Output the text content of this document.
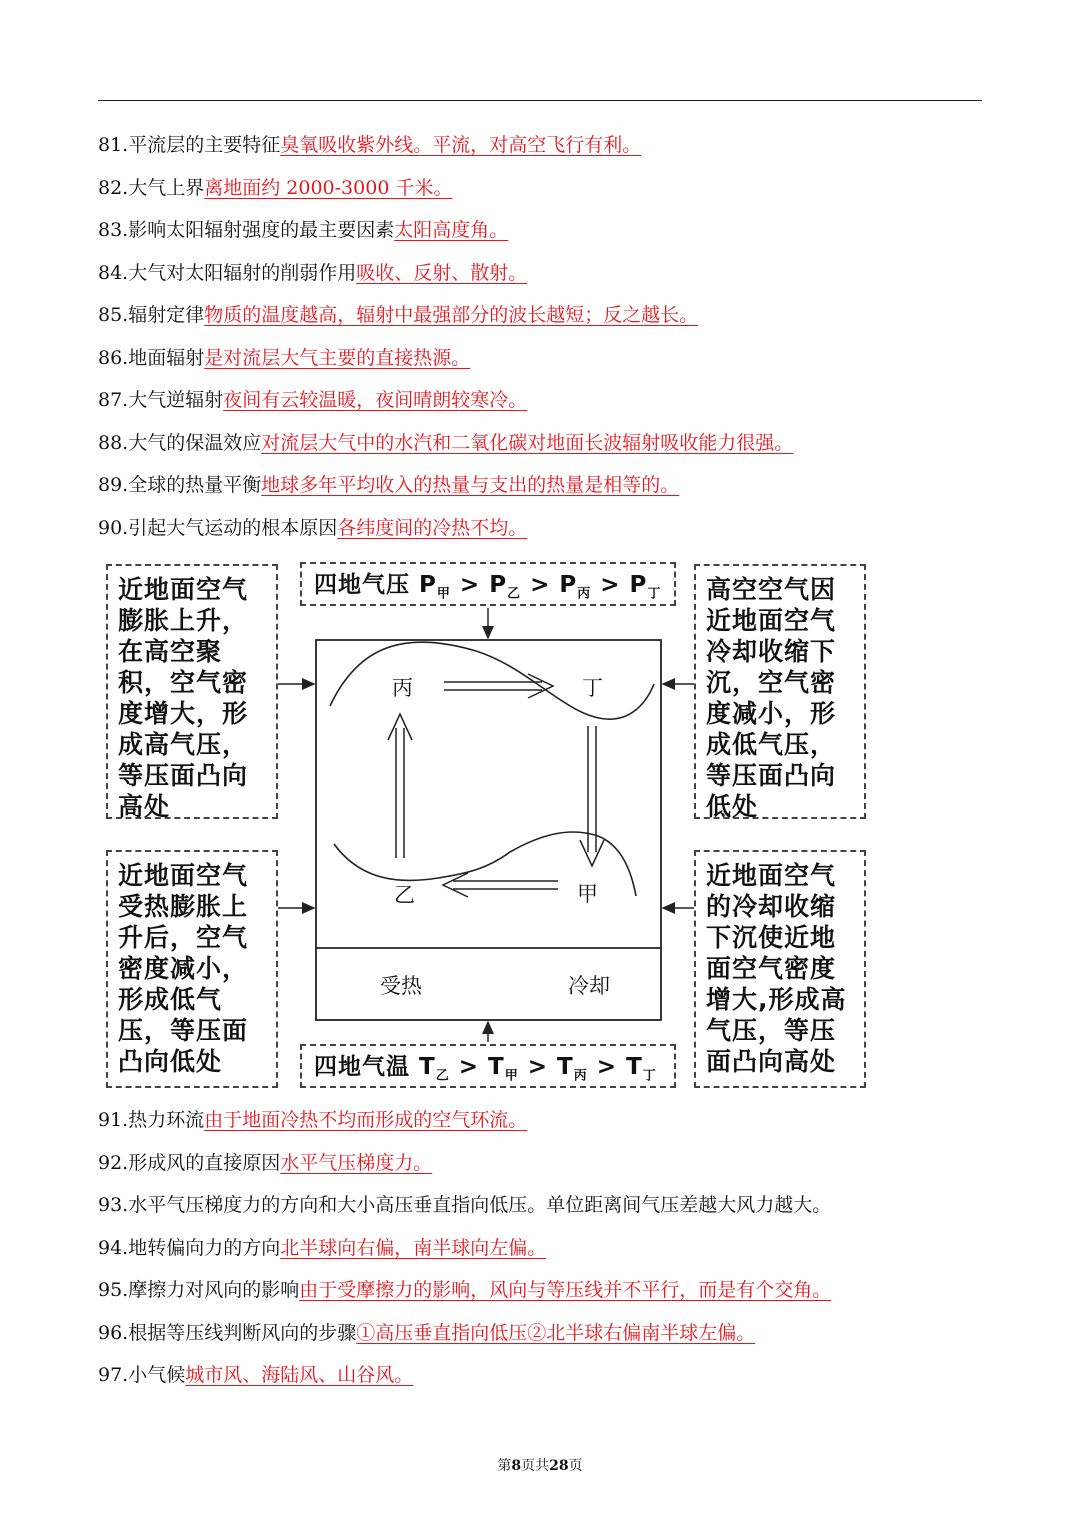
81.平流层的主要特征臭氧吸收紫外线。平流，对高空飞行有利。
82.大气上界离地面约 2000-3000 千米。
83.影响太阳辐射强度的最主要因素太阳高度角。
84.大气对太阳辐射的削弱作用吸收、反射、散射。
85.辐射定律物质的温度越高，辐射中最强部分的波长越短；反之越长。
86.地面辐射是对流层大气主要的直接热源。
87.大气逆辐射夜间有云较温暖，夜间晴朗较寒冷。
88.大气的保温效应对流层大气中的水汽和二氧化碳对地面长波辐射吸收能力很强。
89.全球的热量平衡地球多年平均收入的热量与支出的热量是相等的。
90.引起大气运动的根本原因各纬度间的冷热不均。
近地面空气膨胀上升，在高空聚积，空气密度增大，形成高气压，等压面凸向高处
近地面空气受热膨胀上升后，空气密度减小，形成低气压，等压面凸向低处
高空空气因近地面空气冷却收缩下沉，空气密度减小，形成低气压，等压面凸向低处
近地面空气的冷却收缩下沉使近地面空气密度增大,形成高气压，等压面凸向高处
四地气压 $P_甲 > P_乙 > P_丙 > P_丁$
四地气温 $T_乙 > T_甲 > T_丙 > T_丁$
丙	丁
乙	甲
受热	冷却
91.热力环流由于地面冷热不均而形成的空气环流。
92.形成风的直接原因水平气压梯度力。
93.水平气压梯度力的方向和大小高压垂直指向低压。单位距离间气压差越大风力越大。
94.地转偏向力的方向北半球向右偏，南半球向左偏。
95.摩擦力对风向的影响由于受摩擦力的影响，风向与等压线并不平行，而是有个交角。
96.根据等压线判断风向的步骤①高压垂直指向低压②北半球右偏南半球左偏。
97.小气候城市风、海陆风、山谷风。
第8页共28页
